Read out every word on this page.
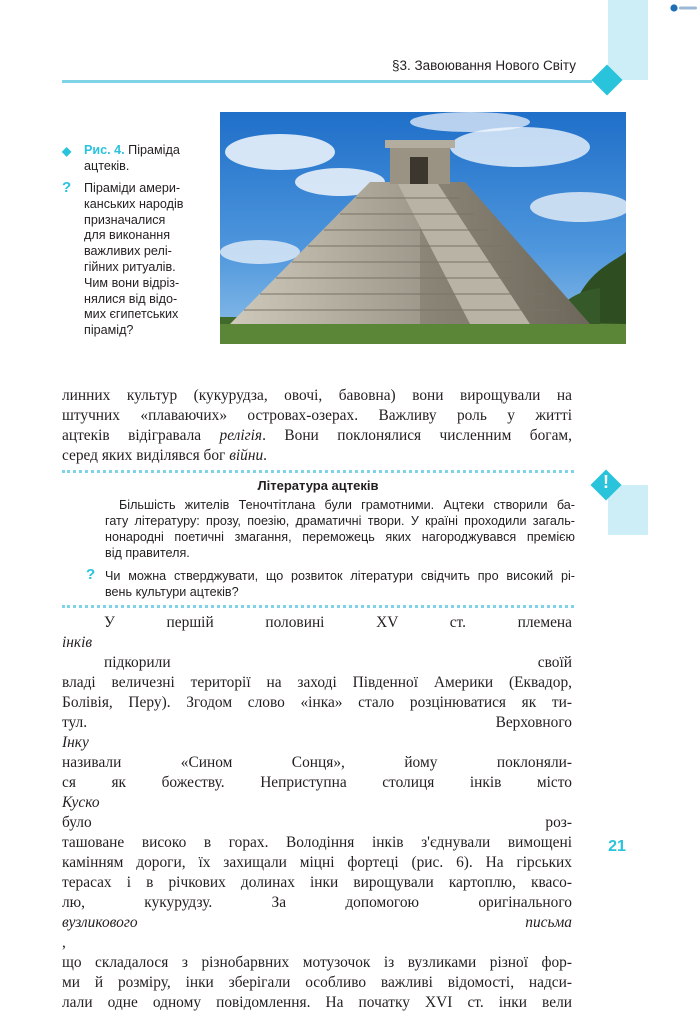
§3. Завоювання Нового Світу
◆ Рис. 4. Піраміда ацтеків.
? Піраміди амери-
канських народів
призначалися
для виконання
важливих релі-
гійних ритуалів.
Чим вони відріз-
нялися від відо-
мих єгипетських
пірамід?
линних культур (кукурудза, овочі, бавовна) вони вирощували на
штучних «плаваючих» островах-озерах. Важливу роль у житті
ацтеків відігравала релігія. Вони поклонялися численним богам,
серед яких виділявся бог війни.
!
Література ацтеків
Більшість жителів Теночтітлана були грамотними. Ацтеки створили ба-
гату літературу: прозу, поезію, драматичні твори. У країні проходили загаль-
нонародні поетичні змагання, переможець яких нагороджувався премією
від правителя.
? Чи можна стверджувати, що розвиток літератури свідчить про високий рі-
вень культури ацтеків?
У першій половині XV ст. племена
інків
підкорили своїй
владі величезні території на заході Південної Америки (Еквадор,
Болівія, Перу). Згодом слово «інка» стало розцінюватися як ти-
тул. Верховного
Інку
називали «Сином Сонця», йому поклоняли-
ся як божеству. Неприступна столиця інків місто
Куско
було роз-
ташоване високо в горах. Володіння інків з'єднували вимощені
камінням дороги, їх захищали міцні фортеці (рис. 6). На гірських
терасах і в річкових долинах інки вирощували картоплю, квасо-
лю, кукурудзу. За допомогою оригінального
вузликового письма
,
що складалося з різнобарвних мотузочок із вузликами різної фор-
ми й розміру, інки зберігали особливо важливі відомості, надси-
лали одне одному повідомлення. На початку XVI ст. інки вели
21
